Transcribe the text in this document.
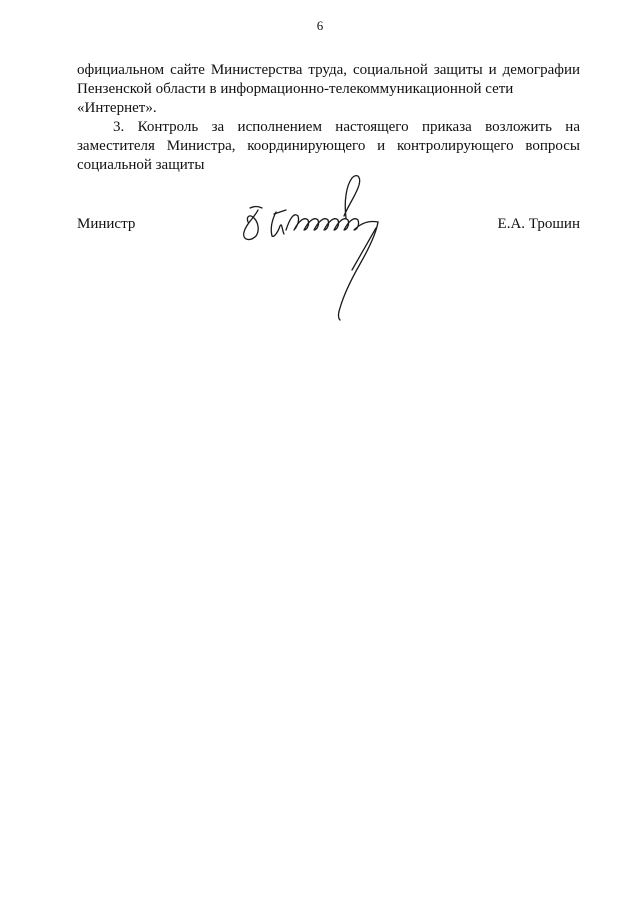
6

официальном сайте Министерства труда, социальной защиты и демографии Пензенской области в информационно-телекоммуникационной сети
«Интернет».

3. Контроль за исполнением настоящего приказа возложить на заместителя Министра, координирующего и контролирующего вопросы социальной защиты

Министр	Е.А. Трошин
